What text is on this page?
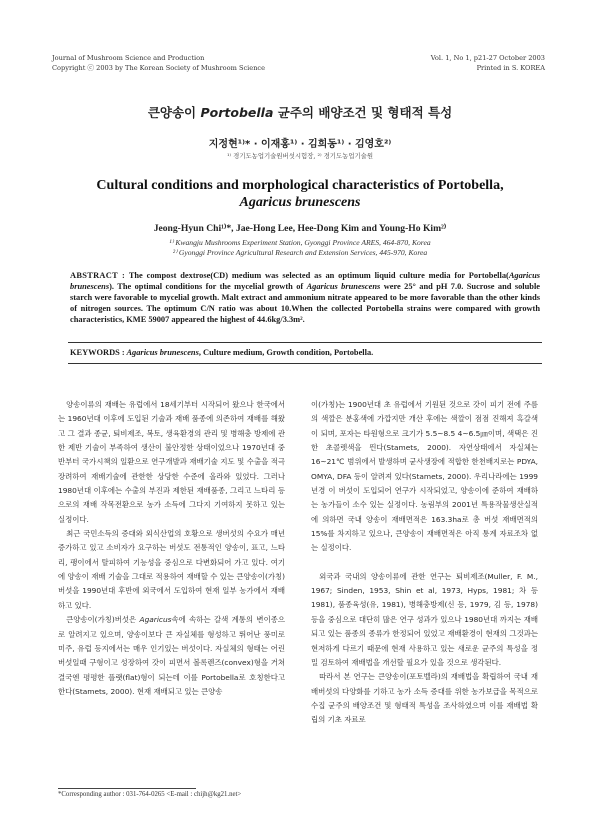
Journal of Mushroom Science and Production
Copyright ⓒ 2003 by The Korean Society of Mushroom Science
Vol. 1, No 1, p21-27 October 2003
Printed in S. KOREA
큰양송이 Portobella 균주의 배양조건 및 형태적 특성
지정현¹⁾* · 이재홍¹⁾ · 김희동¹⁾ · 김영호²⁾
¹⁾ 경기도농업기술원버섯시험장, ²⁾ 경기도농업기술원
Cultural conditions and morphological characteristics of Portobella,
Agaricus brunescens
Jeong-Hyun Chi¹⁾*, Jae-Hong Lee, Hee-Dong Kim and Young-Ho Kim²⁾
¹⁾ Kwangju Mushrooms Experiment Station, Gyonggi Province ARES, 464-870, Korea
²⁾ Gyonggi Province Agricultural Research and Extension Services, 445-970, Korea
ABSTRACT : The compost dextrose(CD) medium was selected as an optimum liquid culture media for Portobella(Agaricus brunescens). The optimal conditions for the mycelial growth of Agaricus brunescens were 25° and pH 7.0. Sucrose and soluble starch were favorable to mycelial growth. Malt extract and ammonium nitrate appeared to be more favorable than the other kinds of nitrogen sources. The optimum C/N ratio was about 10.When the collected Portobella strains were compared with growth characteristics, KME 59007 appeared the highest of 44.6kg/3.3m².
KEYWORDS : Agaricus brunescens, Culture medium, Growth condition, Portobella.

양송이류의 재배는 유럽에서 18세기부터 시작되어 왔으나 한국에서는 1960년대 이후에 도입된 기술과 재배 품종에 의존하여 재배를 해왔고 그 결과 종균, 퇴비제조, 복토, 생육환경의 관리 및 병해충 방제에 관한 제반 기술이 부족하여 생산이 불안정한 상태이었으나 1970년대 중반부터 국가시책의 일환으로 연구개발과 재배기술 지도 및 수출을 적극 장려하여 재배기술에 관한한 상당한 수준에 올라와 있었다. 그러나 1980년대 이후에는 수출의 부진과 제한된 재배품종, 그리고 느타리 등으로의 재배 작목전환으로 농가 소득에 그다지 기여하지 못하고 있는 실정이다.

최근 국민소득의 증대와 외식산업의 호황으로 생버섯의 수요가 매년 증가하고 있고 소비자가 요구하는 버섯도 전통적인 양송이, 표고, 느타리, 팽이에서 탈피하여 기능성을 중심으로 다변화되어 가고 있다. 여기에 양송이 재배 기술을 그대로 적용하여 재배할 수 있는 큰양송이(가칭)버섯을 1990년대 후반에 외국에서 도입하여 현재 일부 농가에서 재배하고 있다.

큰양송이(가칭)버섯은 Agaricus속에 속하는 갈색 계통의 변이종으로 알려지고 있으며, 양송이보다 큰 자실체를 형성하고 뛰어난 풍미로 미주, 유럽 등지에서는 매우 인기있는 버섯이다. 자실체의 형태는 어린 버섯일때 구형이고 성장하여 갓이 피면서 볼록렌즈(convex)형을 거쳐 결국엔 평평한 플랫(flat)형이 되는데 이를 Portobella로 호칭한다고 한다(Stamets, 2000). 현재 재배되고 있는 큰양송

이(가칭)는 1900년대 초 유럽에서 기원된 것으로 갓이 피기 전에 주름의 색깔은 분홍색에 가깝지만 개산 후에는 색깔이 점점 진해져 흑갈색이 되며, 포자는 타원형으로 크기가 5.5~8.5 4~6.5㎛이며, 색택은 진한 초콜렛색을 띈다(Stamets, 2000). 자연상태에서 자실체는 16~21℃ 범위에서 발생하며 균사생장에 적합한 한천배지로는 PDYA, OMYA, DFA 등이 알려져 있다(Stamets, 2000). 우리나라에는 1999년경 이 버섯이 도입되어 연구가 시작되었고, 양송이에 준하여 재배하는 농가들이 소수 있는 실정이다. 농림부의 2001년 특용작물생산실적에 의하면 국내 양송이 재배면적은 163.3ha로 총 버섯 재배면적의 15%를 차지하고 있으나, 큰양송이 재배면적은 아직 통계 자료조차 없는 실정이다.

외국과 국내의 양송이류에 관한 연구는 퇴비제조(Muller, F. M., 1967; Sinden, 1953, Shin et al, 1973, Hyps, 1981; 차 등 1981), 품종육성(유, 1981), 병해충방제(신 등, 1979, 김 등, 1978) 등을 중심으로 대단히 많은 연구 성과가 있으나 1980년대 까지는 재배되고 있는 품종의 종류가 한정되어 있었고 재배환경이 현재의 그것과는 현저하게 다르기 때문에 현재 사용하고 있는 새로운 균주의 특성을 정밀 검토하여 재배법을 개선할 필요가 있을 것으로 생각된다.

따라서 본 연구는 큰양송이(포토벨라)의 재배법을 확립하여 국내 재배버섯의 다양화를 기하고 농가 소득 증대를 위한 농가보급을 목적으로 수집 균주의 배양조건 및 형태적 특성을 조사하였으며 이를 재배법 확립의 기초 자료로

*Corresponding author : 031-764-0265 <E-mail : chijh@kg21.net>
